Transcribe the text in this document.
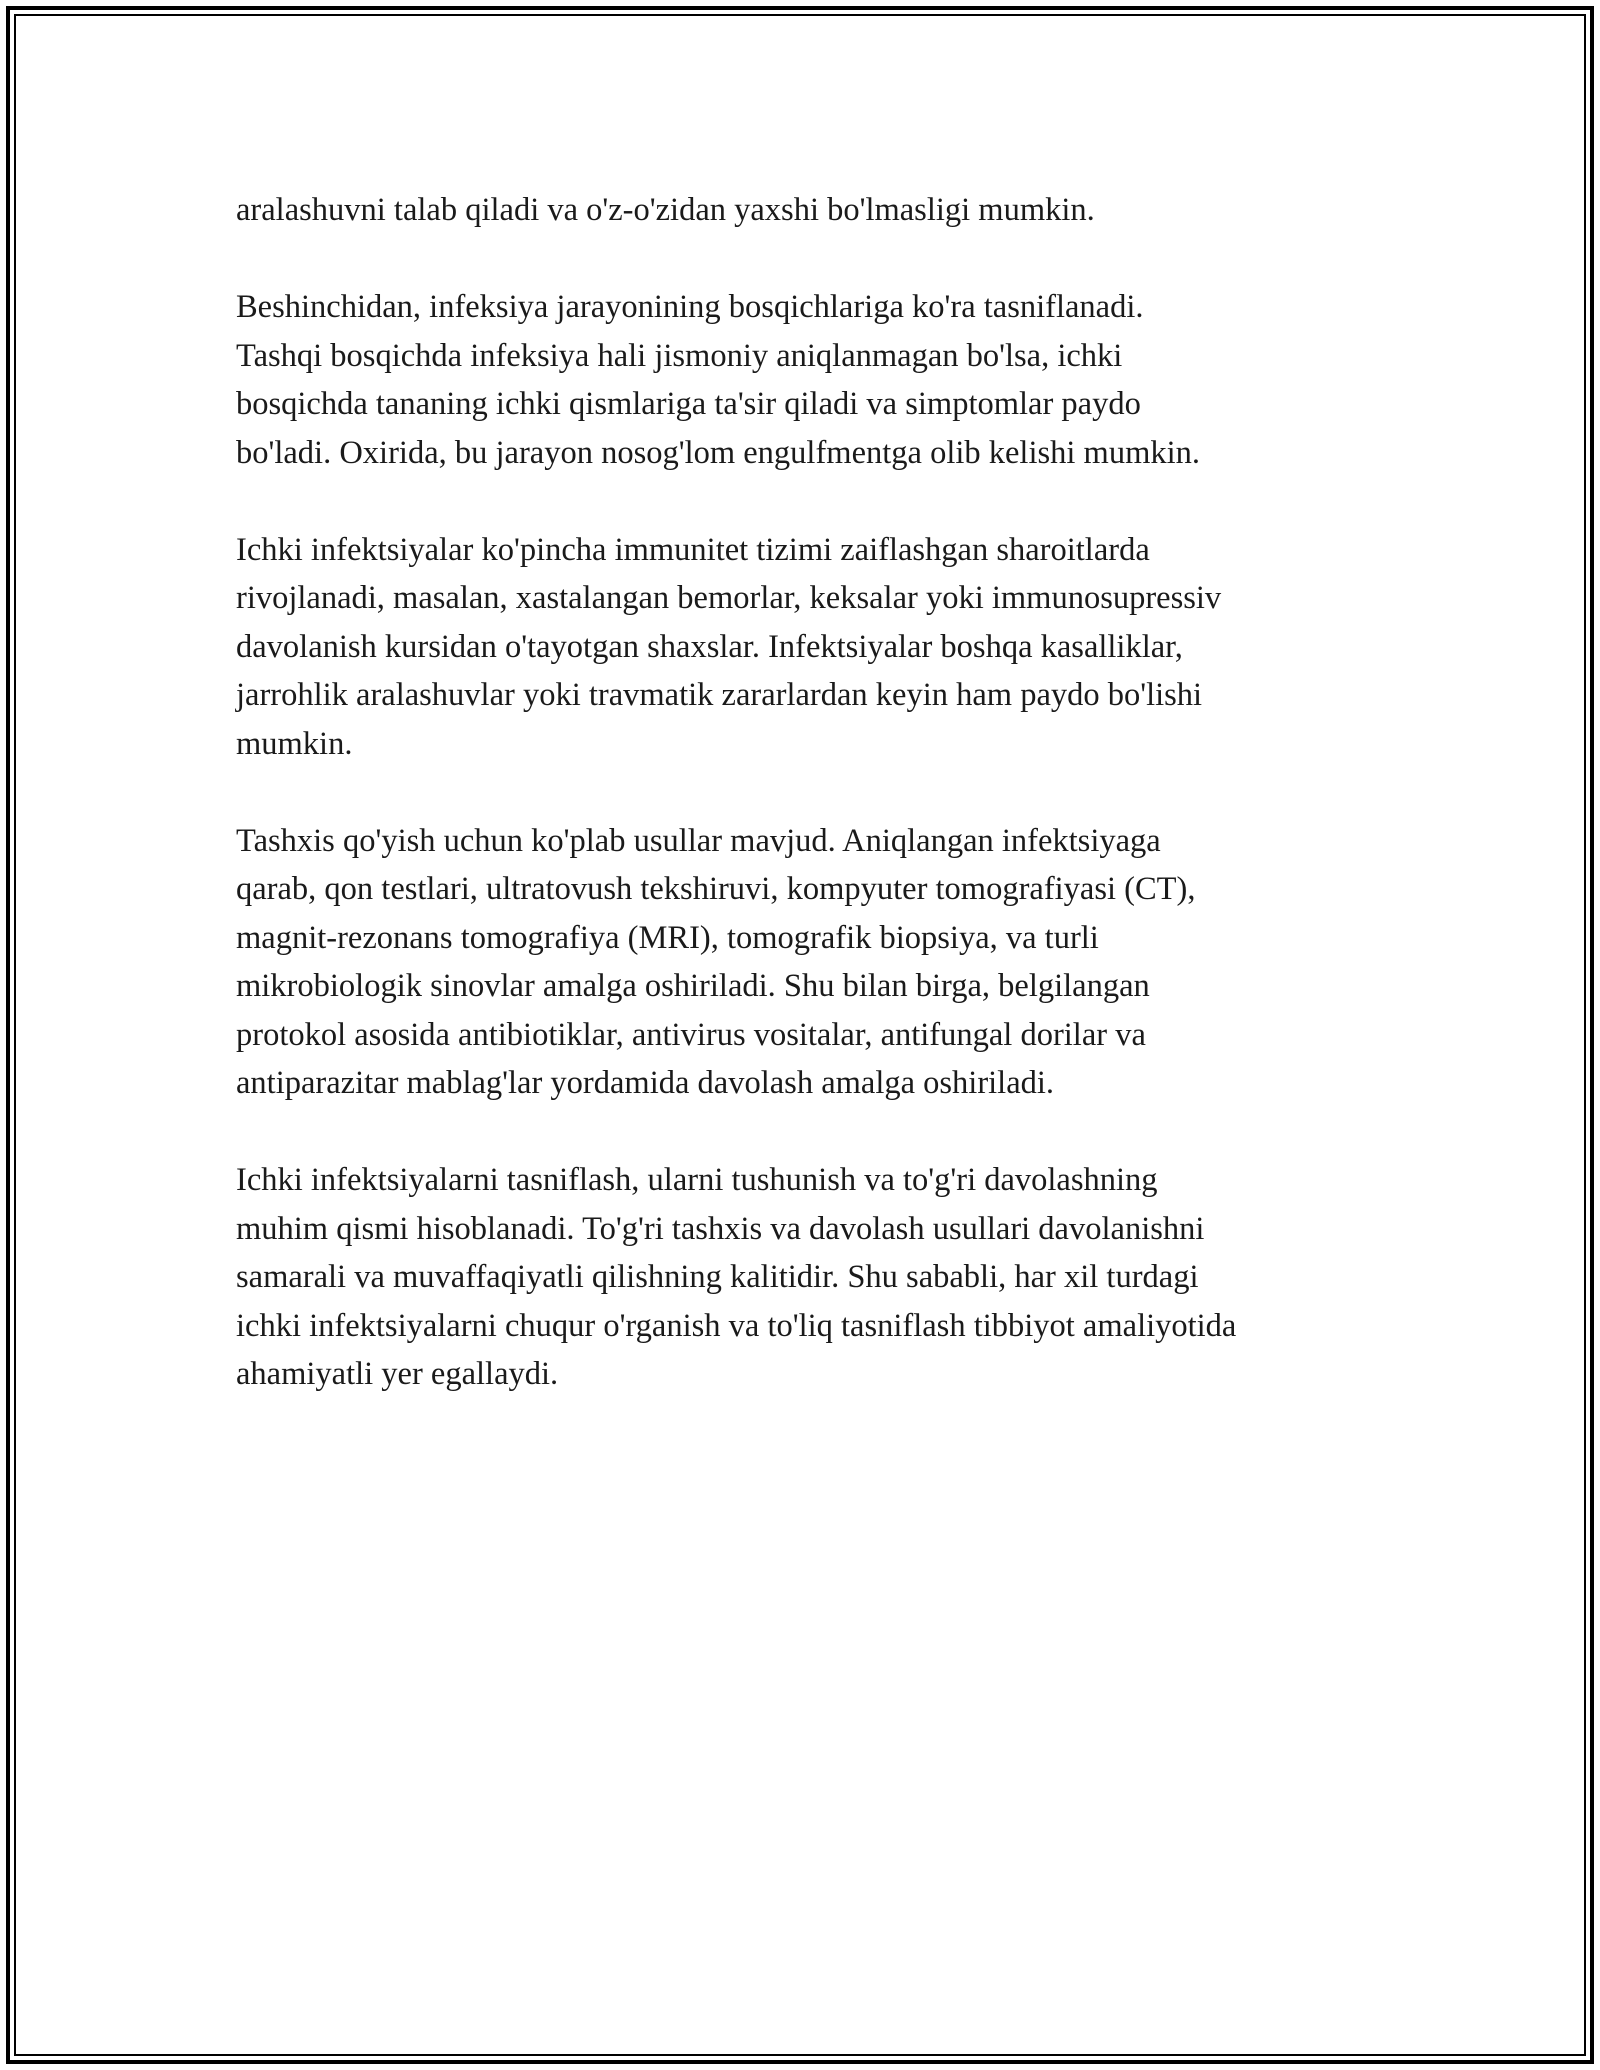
aralashuvni talab qiladi va o'z-o'zidan yaxshi bo'lmasligi mumkin.

Beshinchidan, infeksiya jarayonining bosqichlariga ko'ra tasniflanadi.
Tashqi bosqichda infeksiya hali jismoniy aniqlanmagan bo'lsa, ichki
bosqichda tananing ichki qismlariga ta'sir qiladi va simptomlar paydo
bo'ladi. Oxirida, bu jarayon nosog'lom engulfmentga olib kelishi mumkin.

Ichki infektsiyalar ko'pincha immunitet tizimi zaiflashgan sharoitlarda
rivojlanadi, masalan, xastalangan bemorlar, keksalar yoki immunosupressiv
davolanish kursidan o'tayotgan shaxslar. Infektsiyalar boshqa kasalliklar,
jarrohlik aralashuvlar yoki travmatik zararlardan keyin ham paydo bo'lishi
mumkin.

Tashxis qo'yish uchun ko'plab usullar mavjud. Aniqlangan infektsiyaga
qarab, qon testlari, ultratovush tekshiruvi, kompyuter tomografiyasi (CT),
magnit-rezonans tomografiya (MRI), tomografik biopsiya, va turli
mikrobiologik sinovlar amalga oshiriladi. Shu bilan birga, belgilangan
protokol asosida antibiotiklar, antivirus vositalar, antifungal dorilar va
antiparazitar mablag'lar yordamida davolash amalga oshiriladi.

Ichki infektsiyalarni tasniflash, ularni tushunish va to'g'ri davolashning
muhim qismi hisoblanadi. To'g'ri tashxis va davolash usullari davolanishni
samarali va muvaffaqiyatli qilishning kalitidir. Shu sababli, har xil turdagi
ichki infektsiyalarni chuqur o'rganish va to'liq tasniflash tibbiyot amaliyotida
ahamiyatli yer egallaydi.
